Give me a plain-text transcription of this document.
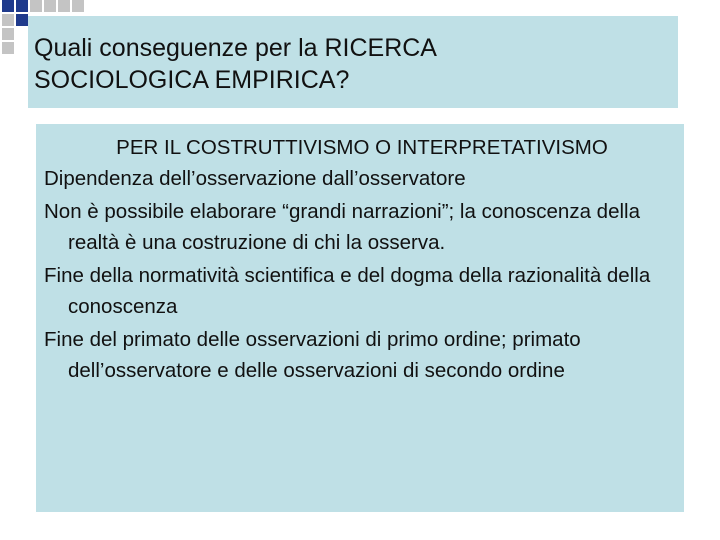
Quali conseguenze per la RICERCA

SOCIOLOGICA EMPIRICA?

PER IL COSTRUTTIVISMO O INTERPRETATIVISMO

Dipendenza dell’osservazione dall’osservatore

Non è possibile elaborare “grandi narrazioni”; la conoscenza della realtà è una costruzione di chi la osserva.

Fine della normatività scientifica e del dogma della razionalità della conoscenza

Fine del primato delle osservazioni di primo ordine; primato dell’osservatore e delle osservazioni di secondo ordine
